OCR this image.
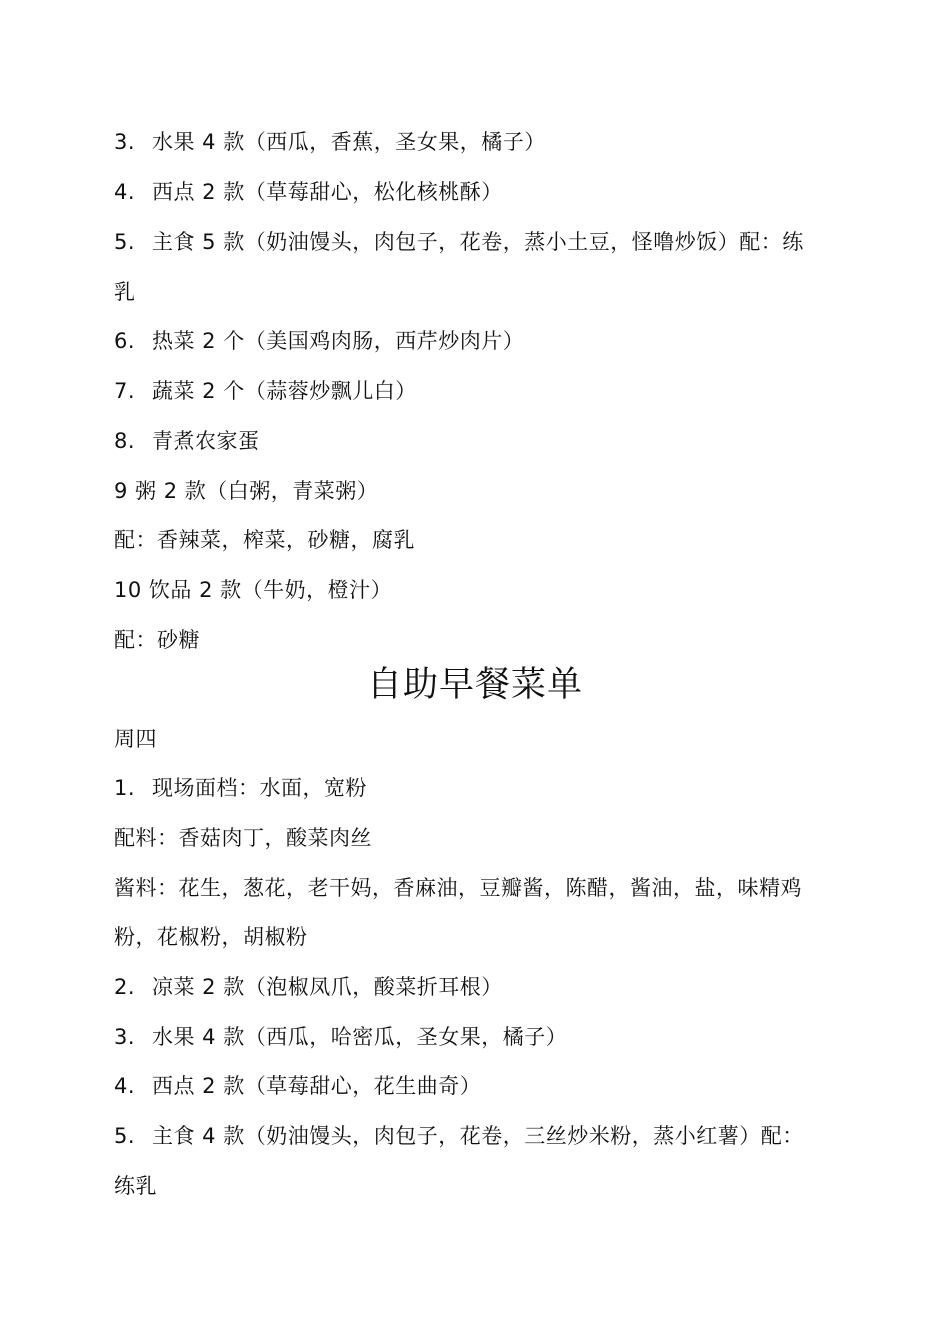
3. 水果 4 款（西瓜，香蕉，圣女果，橘子）
4. 西点 2 款（草莓甜心，松化核桃酥）
5. 主食 5 款（奶油馒头，肉包子，花卷，蒸小土豆，怪噜炒饭）配：练
乳
6. 热菜 2 个（美国鸡肉肠，西芹炒肉片）
7. 蔬菜 2 个（蒜蓉炒飘儿白）
8. 青煮农家蛋
9 粥 2 款（白粥，青菜粥）
配：香辣菜，榨菜，砂糖，腐乳
10 饮品 2 款（牛奶，橙汁）
配：砂糖
自助早餐菜单
周四
1. 现场面档：水面，宽粉
配料：香菇肉丁，酸菜肉丝
酱料：花生，葱花，老干妈，香麻油，豆瓣酱，陈醋，酱油，盐，味精鸡
粉，花椒粉，胡椒粉
2. 凉菜 2 款（泡椒凤爪，酸菜折耳根）
3. 水果 4 款（西瓜，哈密瓜，圣女果，橘子）
4. 西点 2 款（草莓甜心，花生曲奇）
5. 主食 4 款（奶油馒头，肉包子，花卷，三丝炒米粉，蒸小红薯）配：
练乳
